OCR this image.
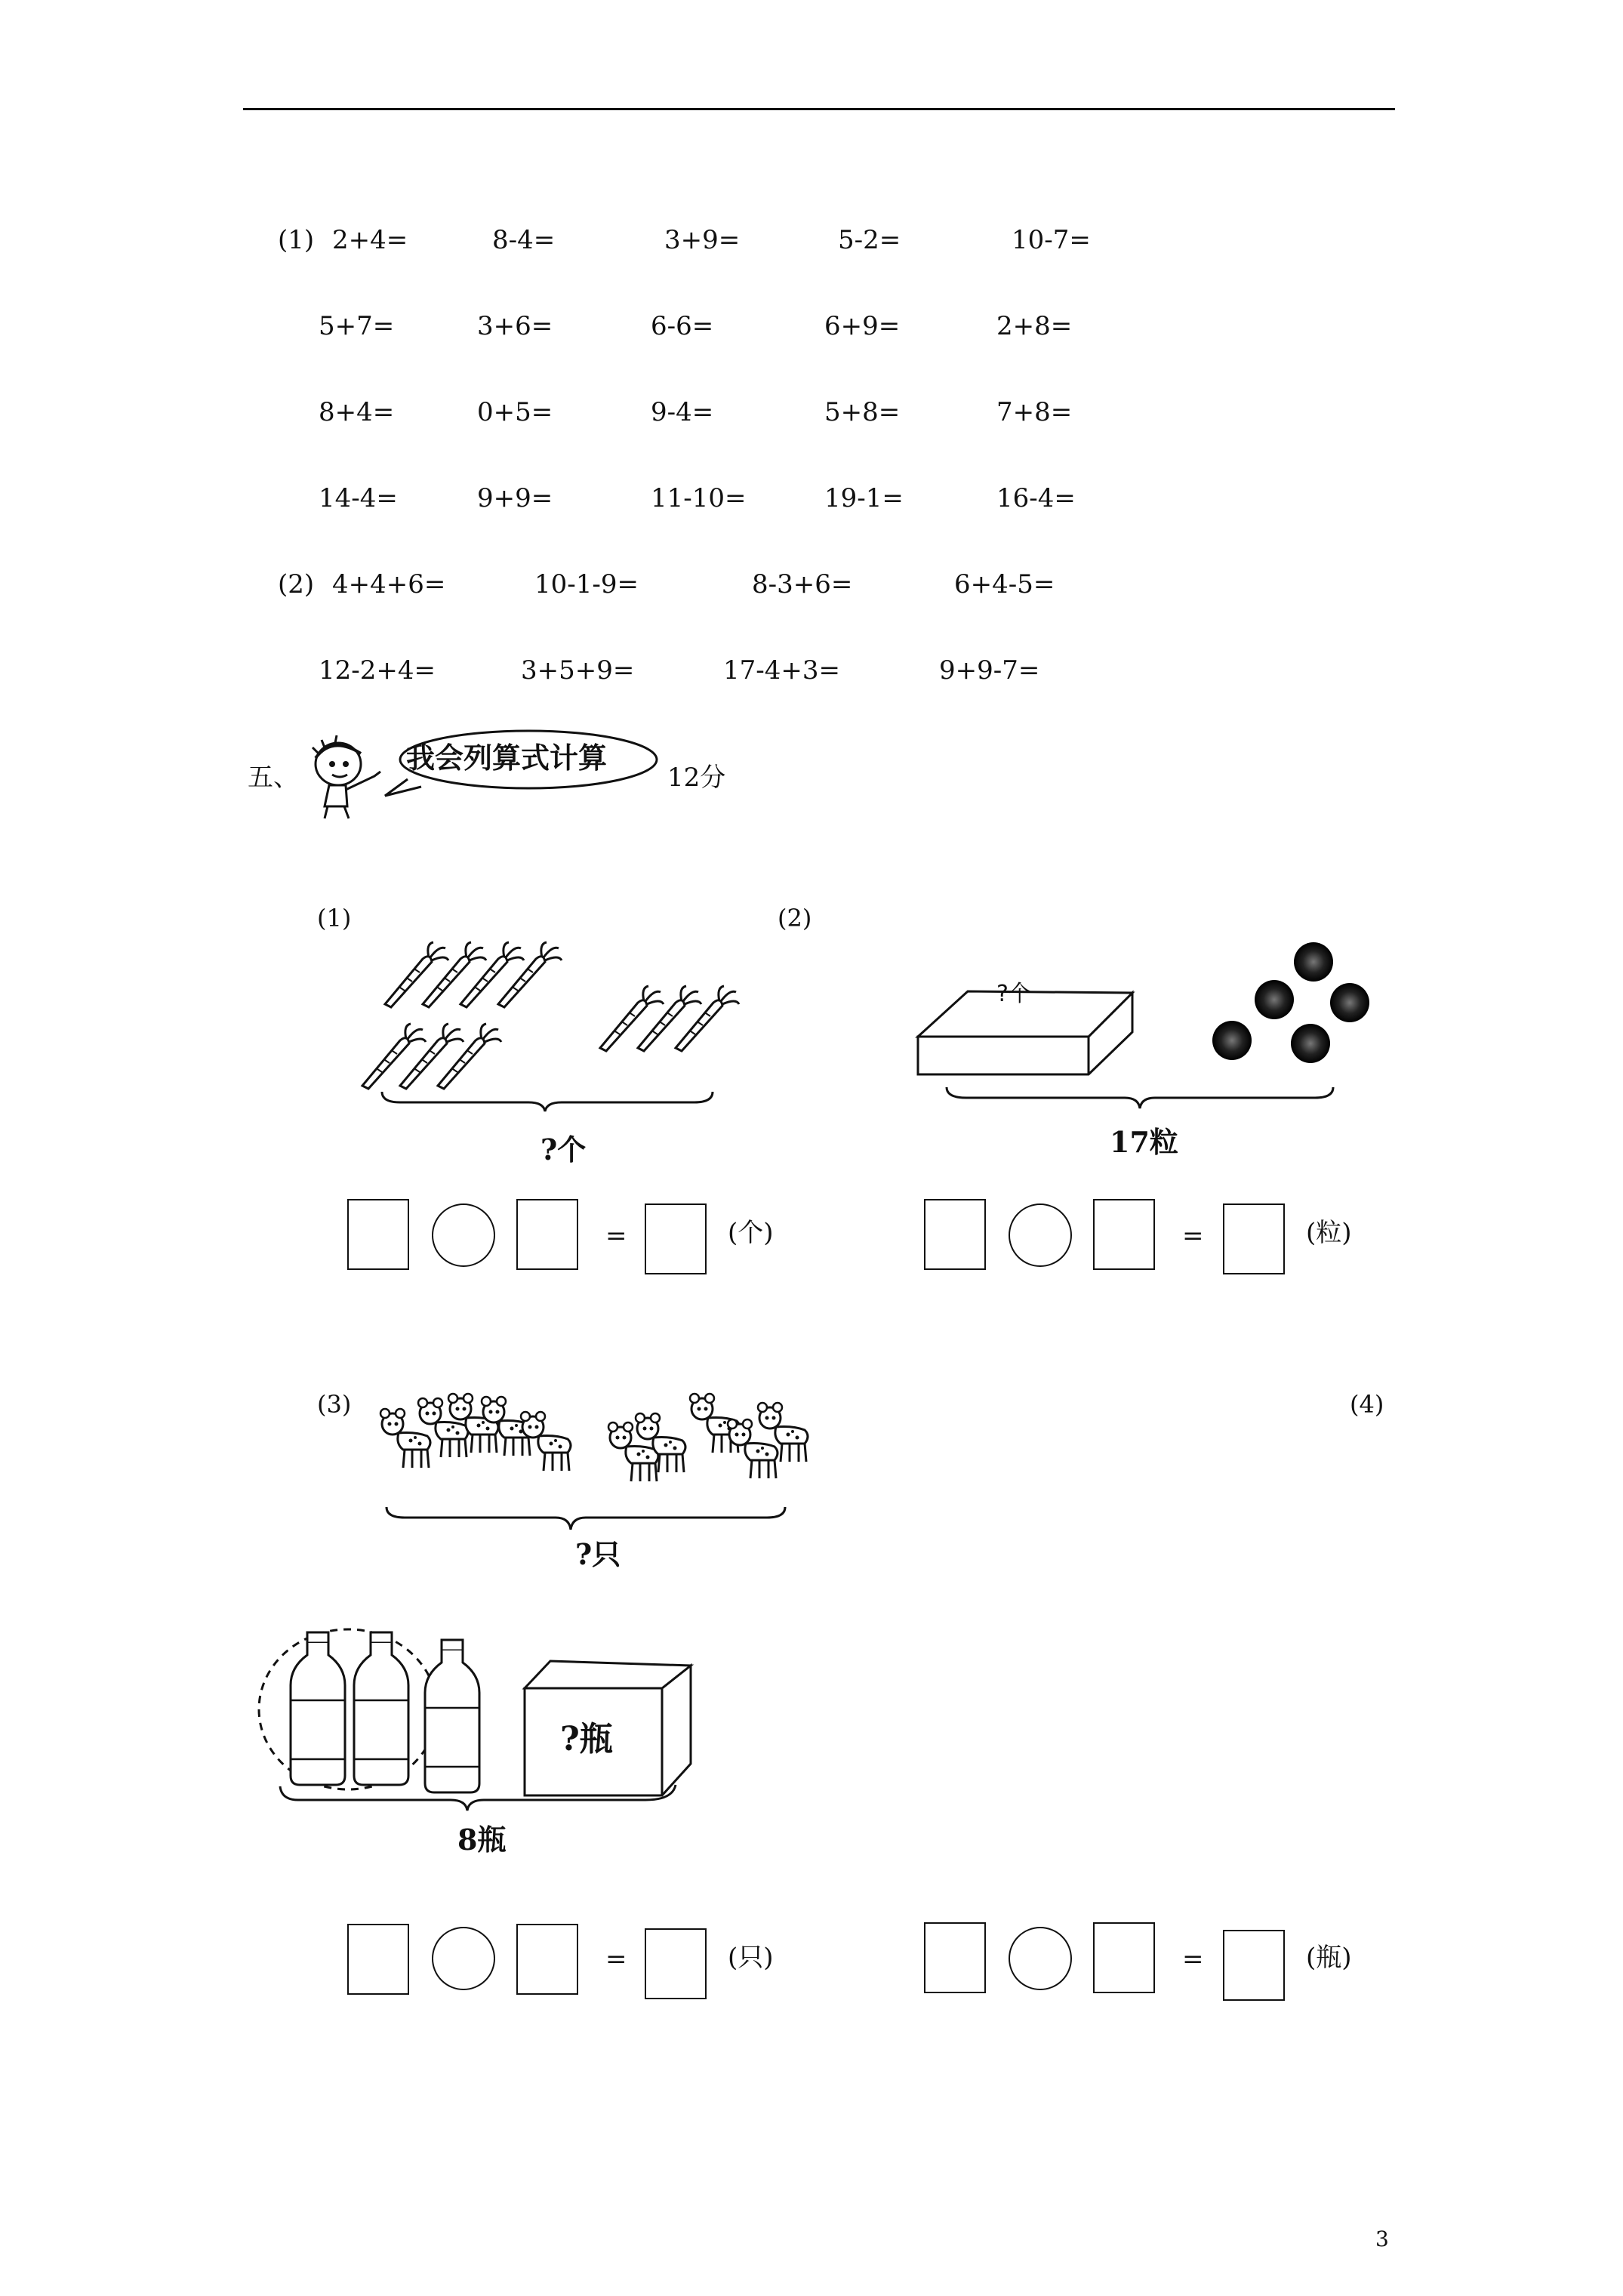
(1) 2+4=	8-4=	3+9=	5-2=	10-7=
5+7=	3+6=	6-6=	6+9=	2+8=
8+4=	0+5=	9-4=	5+8=	7+8=
14-4=	9+9=	11-10=	19-1=	16-4=
(2) 4+4+6=	10-1-9=	8-3+6=	6+4-5=
12-2+4=	3+5+9=	17-4+3=	9+9-7=
五、
我会列算式计算
12分
(1)
?个
(2)
?个
17粒
=	(个)	=	(粒)
(3)
?只
(4)
?瓶
8瓶
=	(只)	=	(瓶)
3
